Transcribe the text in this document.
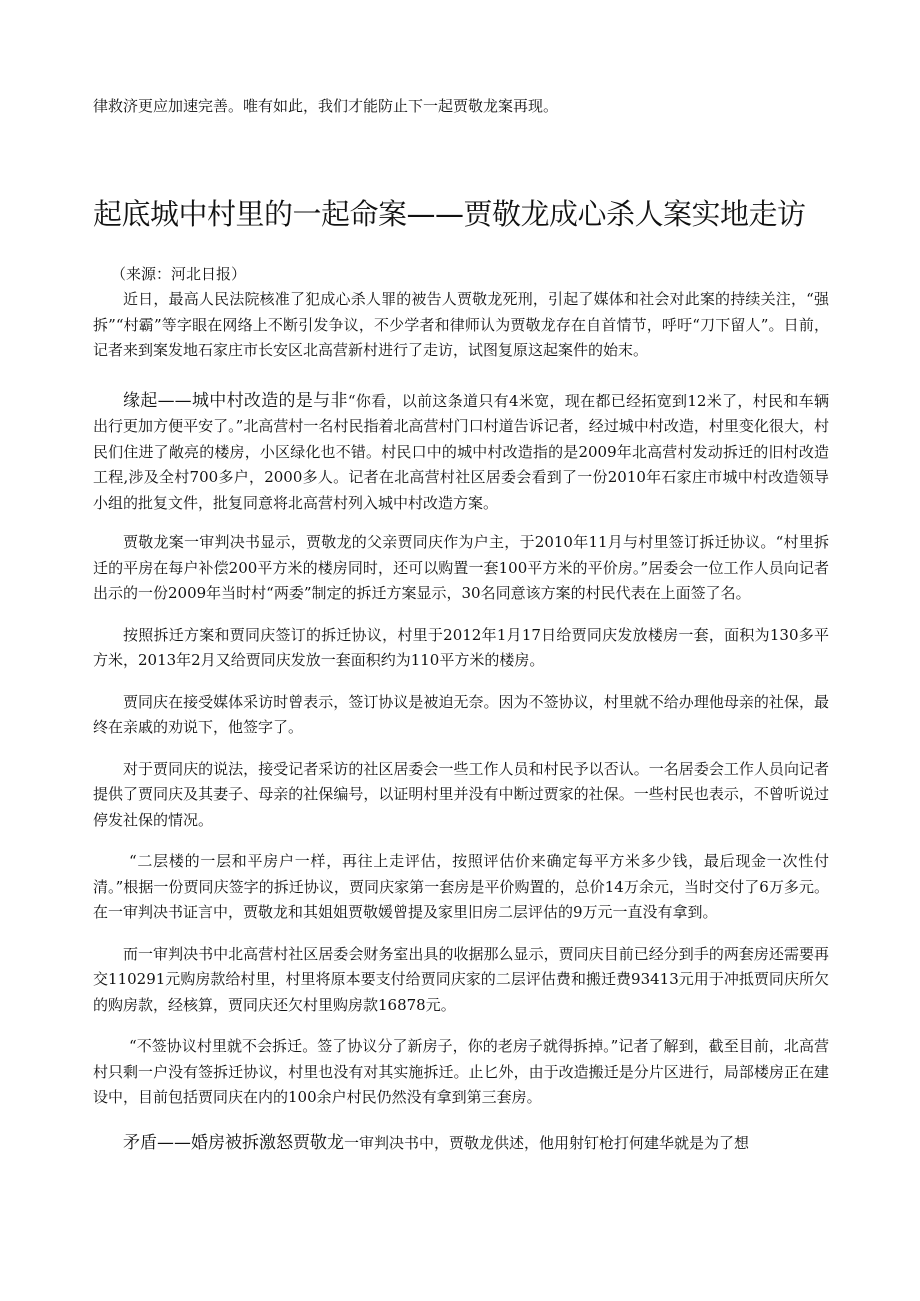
律救济更应加速完善。唯有如此，我们才能防止下一起贾敬龙案再现。

起底城中村里的一起命案——贾敬龙成心杀人案实地走访

（来源：河北日报）

近日，最高人民法院核准了犯成心杀人罪的被告人贾敬龙死刑，引起了媒体和社会对此案的持续关注，“强拆”“村霸”等字眼在网络上不断引发争议，不少学者和律师认为贾敬龙存在自首情节，呼吁“刀下留人”。日前，记者来到案发地石家庄市长安区北高营新村进行了走访，试图复原这起案件的始末。

缘起——城中村改造的是与非“你看，以前这条道只有4米宽，现在都已经拓宽到12米了，村民和车辆出行更加方便平安了。”北高营村一名村民指着北高营村门口村道告诉记者，经过城中村改造，村里变化很大，村民们住进了敞亮的楼房，小区绿化也不错。村民口中的城中村改造指的是2009年北高营村发动拆迁的旧村改造工程,涉及全村700多户，2000多人。记者在北高营村社区居委会看到了一份2010年石家庄市城中村改造领导小组的批复文件，批复同意将北高营村列入城中村改造方案。

贾敬龙案一审判决书显示，贾敬龙的父亲贾同庆作为户主，于2010年11月与村里签订拆迁协议。“村里拆迁的平房在每户补偿200平方米的楼房同时，还可以购置一套100平方米的平价房。”居委会一位工作人员向记者出示的一份2009年当时村“两委”制定的拆迁方案显示，30名同意该方案的村民代表在上面签了名。

按照拆迁方案和贾同庆签订的拆迁协议，村里于2012年1月17日给贾同庆发放楼房一套，面积为130多平方米，2013年2月又给贾同庆发放一套面积约为110平方米的楼房。

贾同庆在接受媒体采访时曾表示，签订协议是被迫无奈。因为不签协议，村里就不给办理他母亲的社保，最终在亲戚的劝说下，他签字了。

对于贾同庆的说法，接受记者采访的社区居委会一些工作人员和村民予以否认。一名居委会工作人员向记者提供了贾同庆及其妻子、母亲的社保编号，以证明村里并没有中断过贾家的社保。一些村民也表示，不曾听说过停发社保的情况。

“二层楼的一层和平房户一样，再往上走评估，按照评估价来确定每平方米多少钱，最后现金一次性付清。”根据一份贾同庆签字的拆迁协议，贾同庆家第一套房是平价购置的，总价14万余元，当时交付了6万多元。在一审判决书证言中，贾敬龙和其姐姐贾敬媛曾提及家里旧房二层评估的9万元一直没有拿到。

而一审判决书中北高营村社区居委会财务室出具的收据那么显示，贾同庆目前已经分到手的两套房还需要再交110291元购房款给村里，村里将原本要支付给贾同庆家的二层评估费和搬迁费93413元用于冲抵贾同庆所欠的购房款，经核算，贾同庆还欠村里购房款16878元。

“不签协议村里就不会拆迁。签了协议分了新房子，你的老房子就得拆掉。”记者了解到，截至目前，北高营村只剩一户没有签拆迁协议，村里也没有对其实施拆迁。止匕外，由于改造搬迁是分片区进行，局部楼房正在建设中，目前包括贾同庆在内的100余户村民仍然没有拿到第三套房。

矛盾——婚房被拆激怒贾敬龙一审判决书中，贾敬龙供述，他用射钉枪打何建华就是为了想
